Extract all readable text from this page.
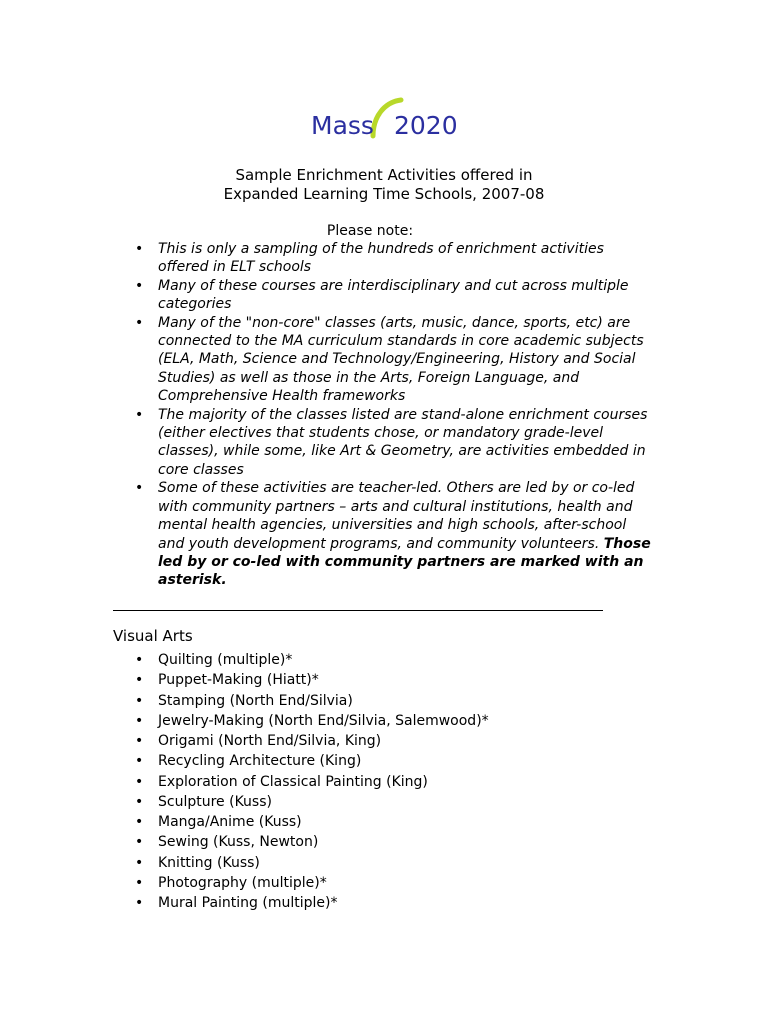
Mass 2020
Sample Enrichment Activities offered in
Expanded Learning Time Schools, 2007-08
Please note:
• This is only a sampling of the hundreds of enrichment activities offered in ELT schools
• Many of these courses are interdisciplinary and cut across multiple categories
• Many of the "non-core" classes (arts, music, dance, sports, etc) are connected to the MA curriculum standards in core academic subjects (ELA, Math, Science and Technology/Engineering, History and Social Studies) as well as those in the Arts, Foreign Language, and Comprehensive Health frameworks
• The majority of the classes listed are stand-alone enrichment courses (either electives that students chose, or mandatory grade-level classes), while some, like Art & Geometry, are activities embedded in core classes
• Some of these activities are teacher-led. Others are led by or co-led with community partners – arts and cultural institutions, health and mental health agencies, universities and high schools, after-school and youth development programs, and community volunteers. Those led by or co-led with community partners are marked with an asterisk.
Visual Arts
• Quilting (multiple)*
• Puppet-Making (Hiatt)*
• Stamping (North End/Silvia)
• Jewelry-Making (North End/Silvia, Salemwood)*
• Origami (North End/Silvia, King)
• Recycling Architecture (King)
• Exploration of Classical Painting (King)
• Sculpture (Kuss)
• Manga/Anime (Kuss)
• Sewing (Kuss, Newton)
• Knitting (Kuss)
• Photography (multiple)*
• Mural Painting (multiple)*
